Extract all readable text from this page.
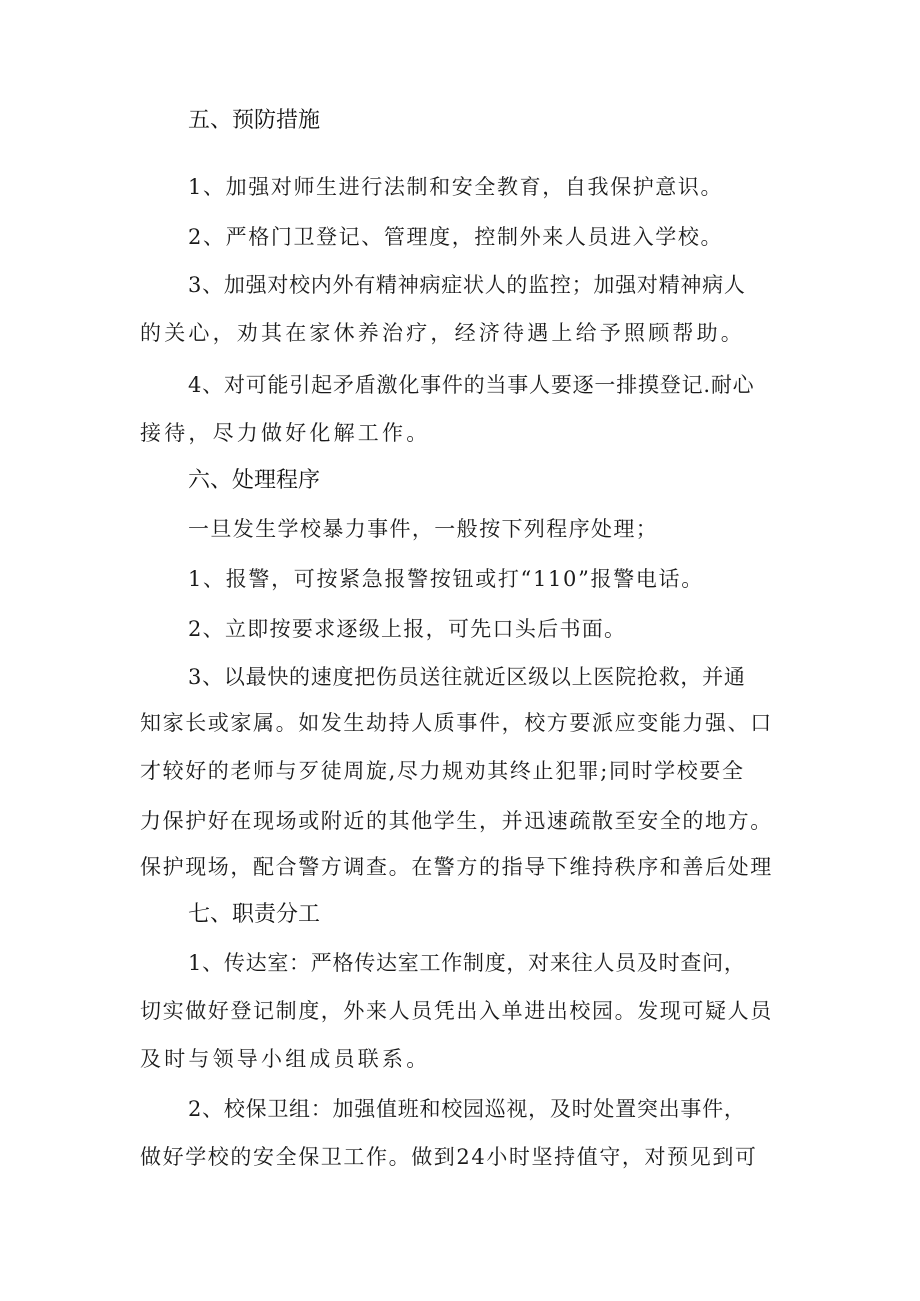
五、预防措施
1、加强对师生进行法制和安全教育，自我保护意识。
2、严格门卫登记、管理度，控制外来人员进入学校。
3、加强对校内外有精神病症状人的监控；加强对精神病人
的关心，劝其在家休养治疗，经济待遇上给予照顾帮助。
4、对可能引起矛盾激化事件的当事人要逐一排摸登记.耐心
接待，尽力做好化解工作。
六、处理程序
一旦发生学校暴力事件，一般按下列程序处理；
1、报警，可按紧急报警按钮或打“110”报警电话。
2、立即按要求逐级上报，可先口头后书面。
3、以最快的速度把伤员送往就近区级以上医院抢救，并通
知家长或家属。如发生劫持人质事件，校方要派应变能力强、口
才较好的老师与歹徒周旋,尽力规劝其终止犯罪;同时学校要全
力保护好在现场或附近的其他学生，并迅速疏散至安全的地方。
保护现场，配合警方调查。在警方的指导下维持秩序和善后处理
七、职责分工
1、传达室：严格传达室工作制度，对来往人员及时查问，
切实做好登记制度，外来人员凭出入单进出校园。发现可疑人员
及时与领导小组成员联系。
2、校保卫组：加强值班和校园巡视，及时处置突出事件，
做好学校的安全保卫工作。做到24小时坚持值守，对预见到可
